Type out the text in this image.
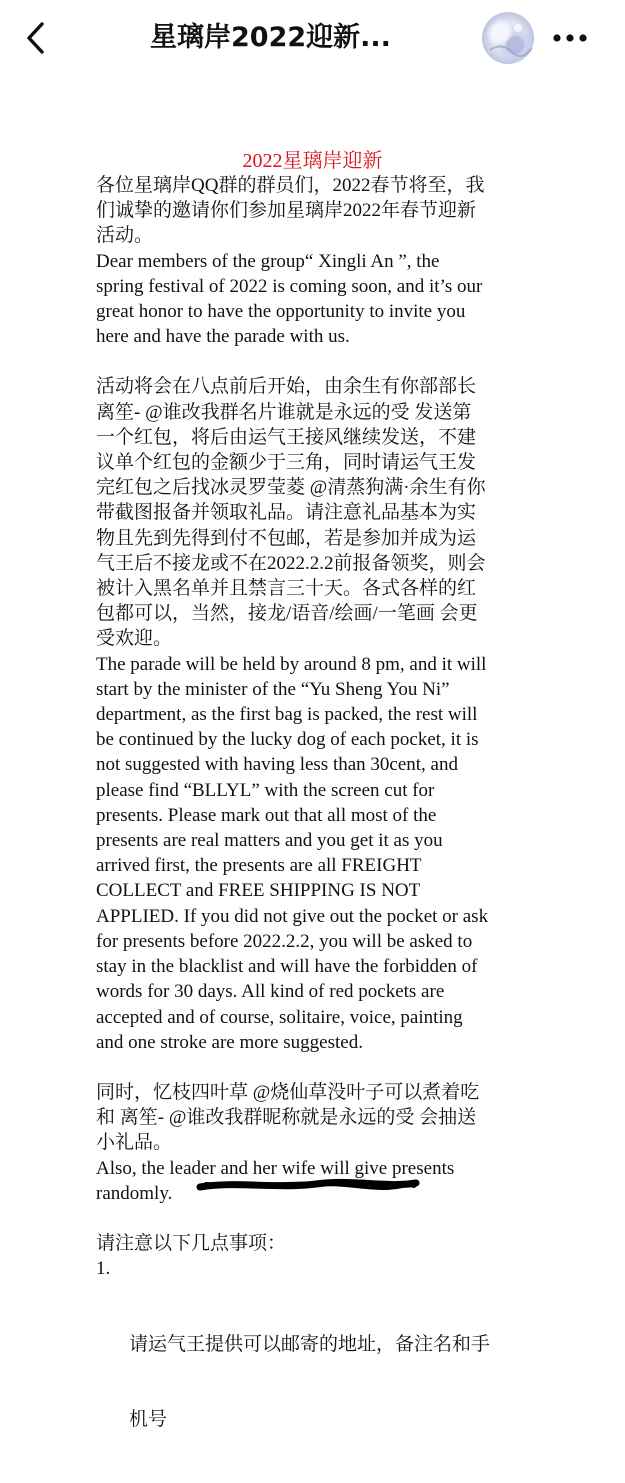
星璃岸2022迎新...
2022星璃岸迎新

各位星璃岸QQ群的群员们，2022春节将至，我

们诚挚的邀请你们参加星璃岸2022年春节迎新

活动。

Dear members of the group“ Xingli An ”, the

spring festival of 2022 is coming soon, and it’s our

great honor to have the opportunity to invite you

here and have the parade with us.

活动将会在八点前后开始，由余生有你部部长

离笙- @谁改我群名片谁就是永远的受 发送第

一个红包，将后由运气王接风继续发送，不建

议单个红包的金额少于三角，同时请运气王发

完红包之后找冰灵罗莹菱 @清蒸狗满·余生有你

带截图报备并领取礼品。请注意礼品基本为实

物且先到先得到付不包邮，若是参加并成为运

气王后不接龙或不在2022.2.2前报备领奖，则会

被计入黑名单并且禁言三十天。各式各样的红

包都可以，当然，接龙/语音/绘画/一笔画 会更

受欢迎。

The parade will be held by around 8 pm, and it will

start by the minister of the “Yu Sheng You Ni”

department, as the first bag is packed, the rest will

be continued by the lucky dog of each pocket, it is

not suggested with having less than 30cent, and

please find “BLLYL” with the screen cut for

presents. Please mark out that all most of the

presents are real matters and you get it as you

arrived first, the presents are all FREIGHT

COLLECT and FREE SHIPPING IS NOT

APPLIED. If you did not give out the pocket or ask

for presents before 2022.2.2, you will be asked to

stay in the blacklist and will have the forbidden of

words for 30 days. All kind of red pockets are

accepted and of course, solitaire, voice, painting

and one stroke are more suggested.

同时，忆枝四叶草 @烧仙草没叶子可以煮着吃

和 离笙- @谁改我群昵称就是永远的受 会抽送

小礼品。

Also, the leader and her wife will give presents

randomly.

请注意以下几点事项：

1.

请运气王提供可以邮寄的地址，备注名和手

机号
